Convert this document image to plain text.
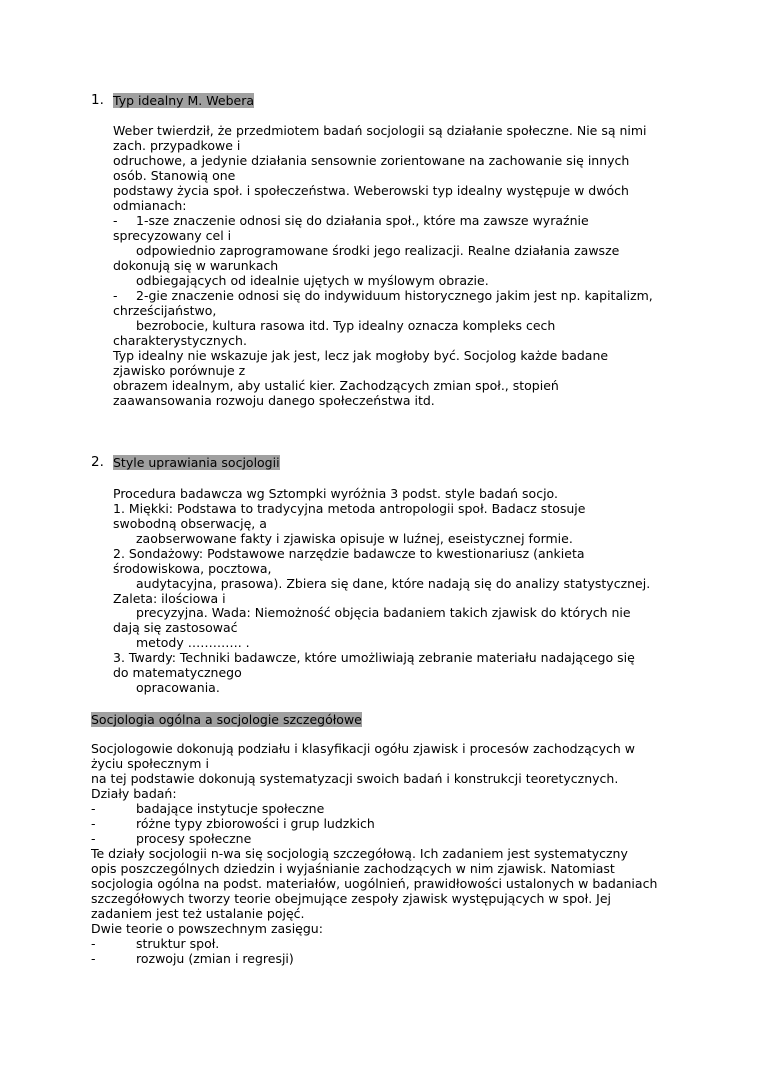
1. Typ idealny M. Webera
Weber twierdził, że przedmiotem badań socjologii są działanie społeczne. Nie są nimi
zach. przypadkowe i
odruchowe, a jedynie działania sensownie zorientowane na zachowanie się innych
osób. Stanowią one
podstawy życia społ. i społeczeństwa. Weberowski typ idealny występuje w dwóch
odmianach:
- 1-sze znaczenie odnosi się do działania społ., które ma zawsze wyraźnie
sprecyzowany cel i
odpowiednio zaprogramowane środki jego realizacji. Realne działania zawsze
dokonują się w warunkach
odbiegających od idealnie ujętych w myślowym obrazie.
- 2-gie znaczenie odnosi się do indywiduum historycznego jakim jest np. kapitalizm,
chrześcijaństwo,
bezrobocie, kultura rasowa itd. Typ idealny oznacza kompleks cech
charakterystycznych.
Typ idealny nie wskazuje jak jest, lecz jak mogłoby być. Socjolog każde badane
zjawisko porównuje z
obrazem idealnym, aby ustalić kier. Zachodzących zmian społ., stopień
zaawansowania rozwoju danego społeczeństwa itd.
2. Style uprawiania socjologii
Procedura badawcza wg Sztompki wyróżnia 3 podst. style badań socjo.
1. Miękki: Podstawa to tradycyjna metoda antropologii społ. Badacz stosuje
swobodną obserwację, a
zaobserwowane fakty i zjawiska opisuje w luźnej, eseistycznej formie.
2. Sondażowy: Podstawowe narzędzie badawcze to kwestionariusz (ankieta
środowiskowa, pocztowa,
audytacyjna, prasowa). Zbiera się dane, które nadają się do analizy statystycznej.
Zaleta: ilościowa i
precyzyjna. Wada: Niemożność objęcia badaniem takich zjawisk do których nie
dają się zastosować
metody …………. .
3. Twardy: Techniki badawcze, które umożliwiają zebranie materiału nadającego się
do matematycznego
opracowania.
Socjologia ogólna a socjologie szczegółowe
Socjologowie dokonują podziału i klasyfikacji ogółu zjawisk i procesów zachodzących w
życiu społecznym i
na tej podstawie dokonują systematyzacji swoich badań i konstrukcji teoretycznych.
Działy badań:
-	badające instytucje społeczne
-	różne typy zbiorowości i grup ludzkich
-	procesy społeczne
Te działy socjologii n-wa się socjologią szczegółową. Ich zadaniem jest systematyczny
opis poszczególnych dziedzin i wyjaśnianie zachodzących w nim zjawisk. Natomiast
socjologia ogólna na podst. materiałów, uogólnień, prawidłowości ustalonych w badaniach
szczegółowych tworzy teorie obejmujące zespoły zjawisk występujących w społ. Jej
zadaniem jest też ustalanie pojęć.
Dwie teorie o powszechnym zasięgu:
-	struktur społ.
-	rozwoju (zmian i regresji)
